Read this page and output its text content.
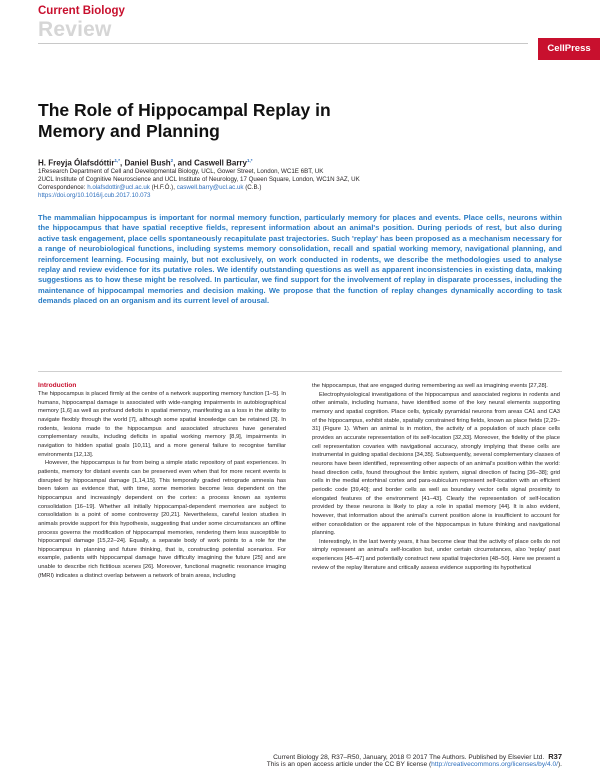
Current Biology
Review
CellPress
The Role of Hippocampal Replay in Memory and Planning
H. Freyja Ólafsdóttir$^{1,*}$, Daniel Bush$^2$, and Caswell Barry$^{1,*}$
1Research Department of Cell and Developmental Biology, UCL, Gower Street, London, WC1E 6BT, UK
2UCL Institute of Cognitive Neuroscience and UCL Institute of Neurology, 17 Queen Square, London, WC1N 3AZ, UK
Correspondence: h.olafsdottir@ucl.ac.uk (H.F.Ó.), caswell.barry@ucl.ac.uk (C.B.)
https://doi.org/10.1016/j.cub.2017.10.073

The mammalian hippocampus is important for normal memory function, particularly memory for places and events. Place cells, neurons within the hippocampus that have spatial receptive fields, represent information about an animal's position. During periods of rest, but also during active task engagement, place cells spontaneously recapitulate past trajectories. Such 'replay' has been proposed as a mechanism necessary for a range of neurobiological functions, including systems memory consolidation, recall and spatial working memory, navigational planning, and reinforcement learning. Focusing mainly, but not exclusively, on work conducted in rodents, we describe the methodologies used to analyse replay and review evidence for its putative roles. We identify outstanding questions as well as apparent inconsistencies in existing data, making suggestions as to how these might be resolved. In particular, we find support for the involvement of replay in disparate processes, including the maintenance of hippocampal memories and decision making. We propose that the function of replay changes dynamically according to task demands placed on an organism and its current level of arousal.

Introduction

The hippocampus is placed firmly at the centre of a network supporting memory function [1–5]. In humans, hippocampal damage is associated with wide-ranging impairments in autobiographical memory [1,6] as well as profound deficits in spatial memory, manifesting as a loss in the ability to navigate flexibly through the world [7], although some spatial knowledge can be retained [3]. In rodents, lesions made to the hippocampus and associated structures have generated complementary results, including deficits in spatial working memory [8,9], impairments in navigation to hidden spatial goals [10,11], and a more general failure to recognise familiar environments [12,13].

However, the hippocampus is far from being a simple static repository of past experiences. In patients, memory for distant events can be preserved even when that for more recent events is disrupted by hippocampal damage [1,14,15]. This temporally graded retrograde amnesia has been taken as evidence that, with time, some memories become less dependent on the hippocampus and increasingly dependent on the cortex: a process known as systems consolidation [16–19]. Whether all initially hippocampal-dependent memories are subject to consolidation is a point of some controversy [20,21]. Nevertheless, careful lesion studies in animals provide support for this hypothesis, suggesting that under some circumstances an offline process governs the modification of hippocampal memories, rendering them less susceptible to hippocampal damage [15,22–24]. Equally, a separate body of work points to a role for the hippocampus in planning and future thinking, that is, constructing potential scenarios. For example, patients with hippocampal damage have difficulty imagining the future [25] and are unable to describe rich fictitious scenes [26]. Moreover, functional magnetic resonance imaging (fMRI) indicates a distinct overlap between a network of brain areas, including

the hippocampus, that are engaged during remembering as well as imagining events [27,28].

Electrophysiological investigations of the hippocampus and associated regions in rodents and other animals, including humans, have identified some of the key neural elements supporting memory and spatial cognition. Place cells, typically pyramidal neurons from areas CA1 and CA3 of the hippocampus, exhibit stable, spatially constrained firing fields, known as place fields [2,29–31] (Figure 1). When an animal is in motion, the activity of a population of such place cells provides an accurate representation of its self-location [32,33]. Moreover, the fidelity of the place cell representation covaries with navigational accuracy, strongly implying that these cells are instrumental in guiding spatial decisions [34,35]. Subsequently, several complementary classes of neurons have been identified, representing other aspects of an animal's position within the world: head direction cells, found throughout the limbic system, signal direction of facing [36–38]; grid cells in the medial entorhinal cortex and para-subiculum represent self-location with an efficient periodic code [39,40]; and border cells as well as boundary vector cells signal proximity to elongated features of the environment [41–43]. Clearly the representation of self-location provided by these neurons is likely to play a role in spatial memory [44]. It is also evident, however, that information about the animal's current position alone is insufficient to account for either consolidation or the apparent role of the hippocampus in future thinking and navigational planning.

Interestingly, in the last twenty years, it has become clear that the activity of place cells do not simply represent an animal's self-location but, under certain circumstances, also 'replay' past experiences [45–47] and potentially construct new spatial trajectories [48–50]. Here we present a review of the replay literature and critically assess evidence supporting its hypothetical

Current Biology 28, R37–R50, January, 2018 © 2017 The Authors. Published by Elsevier Ltd. R37
This is an open access article under the CC BY license (http://creativecommons.org/licenses/by/4.0/).
